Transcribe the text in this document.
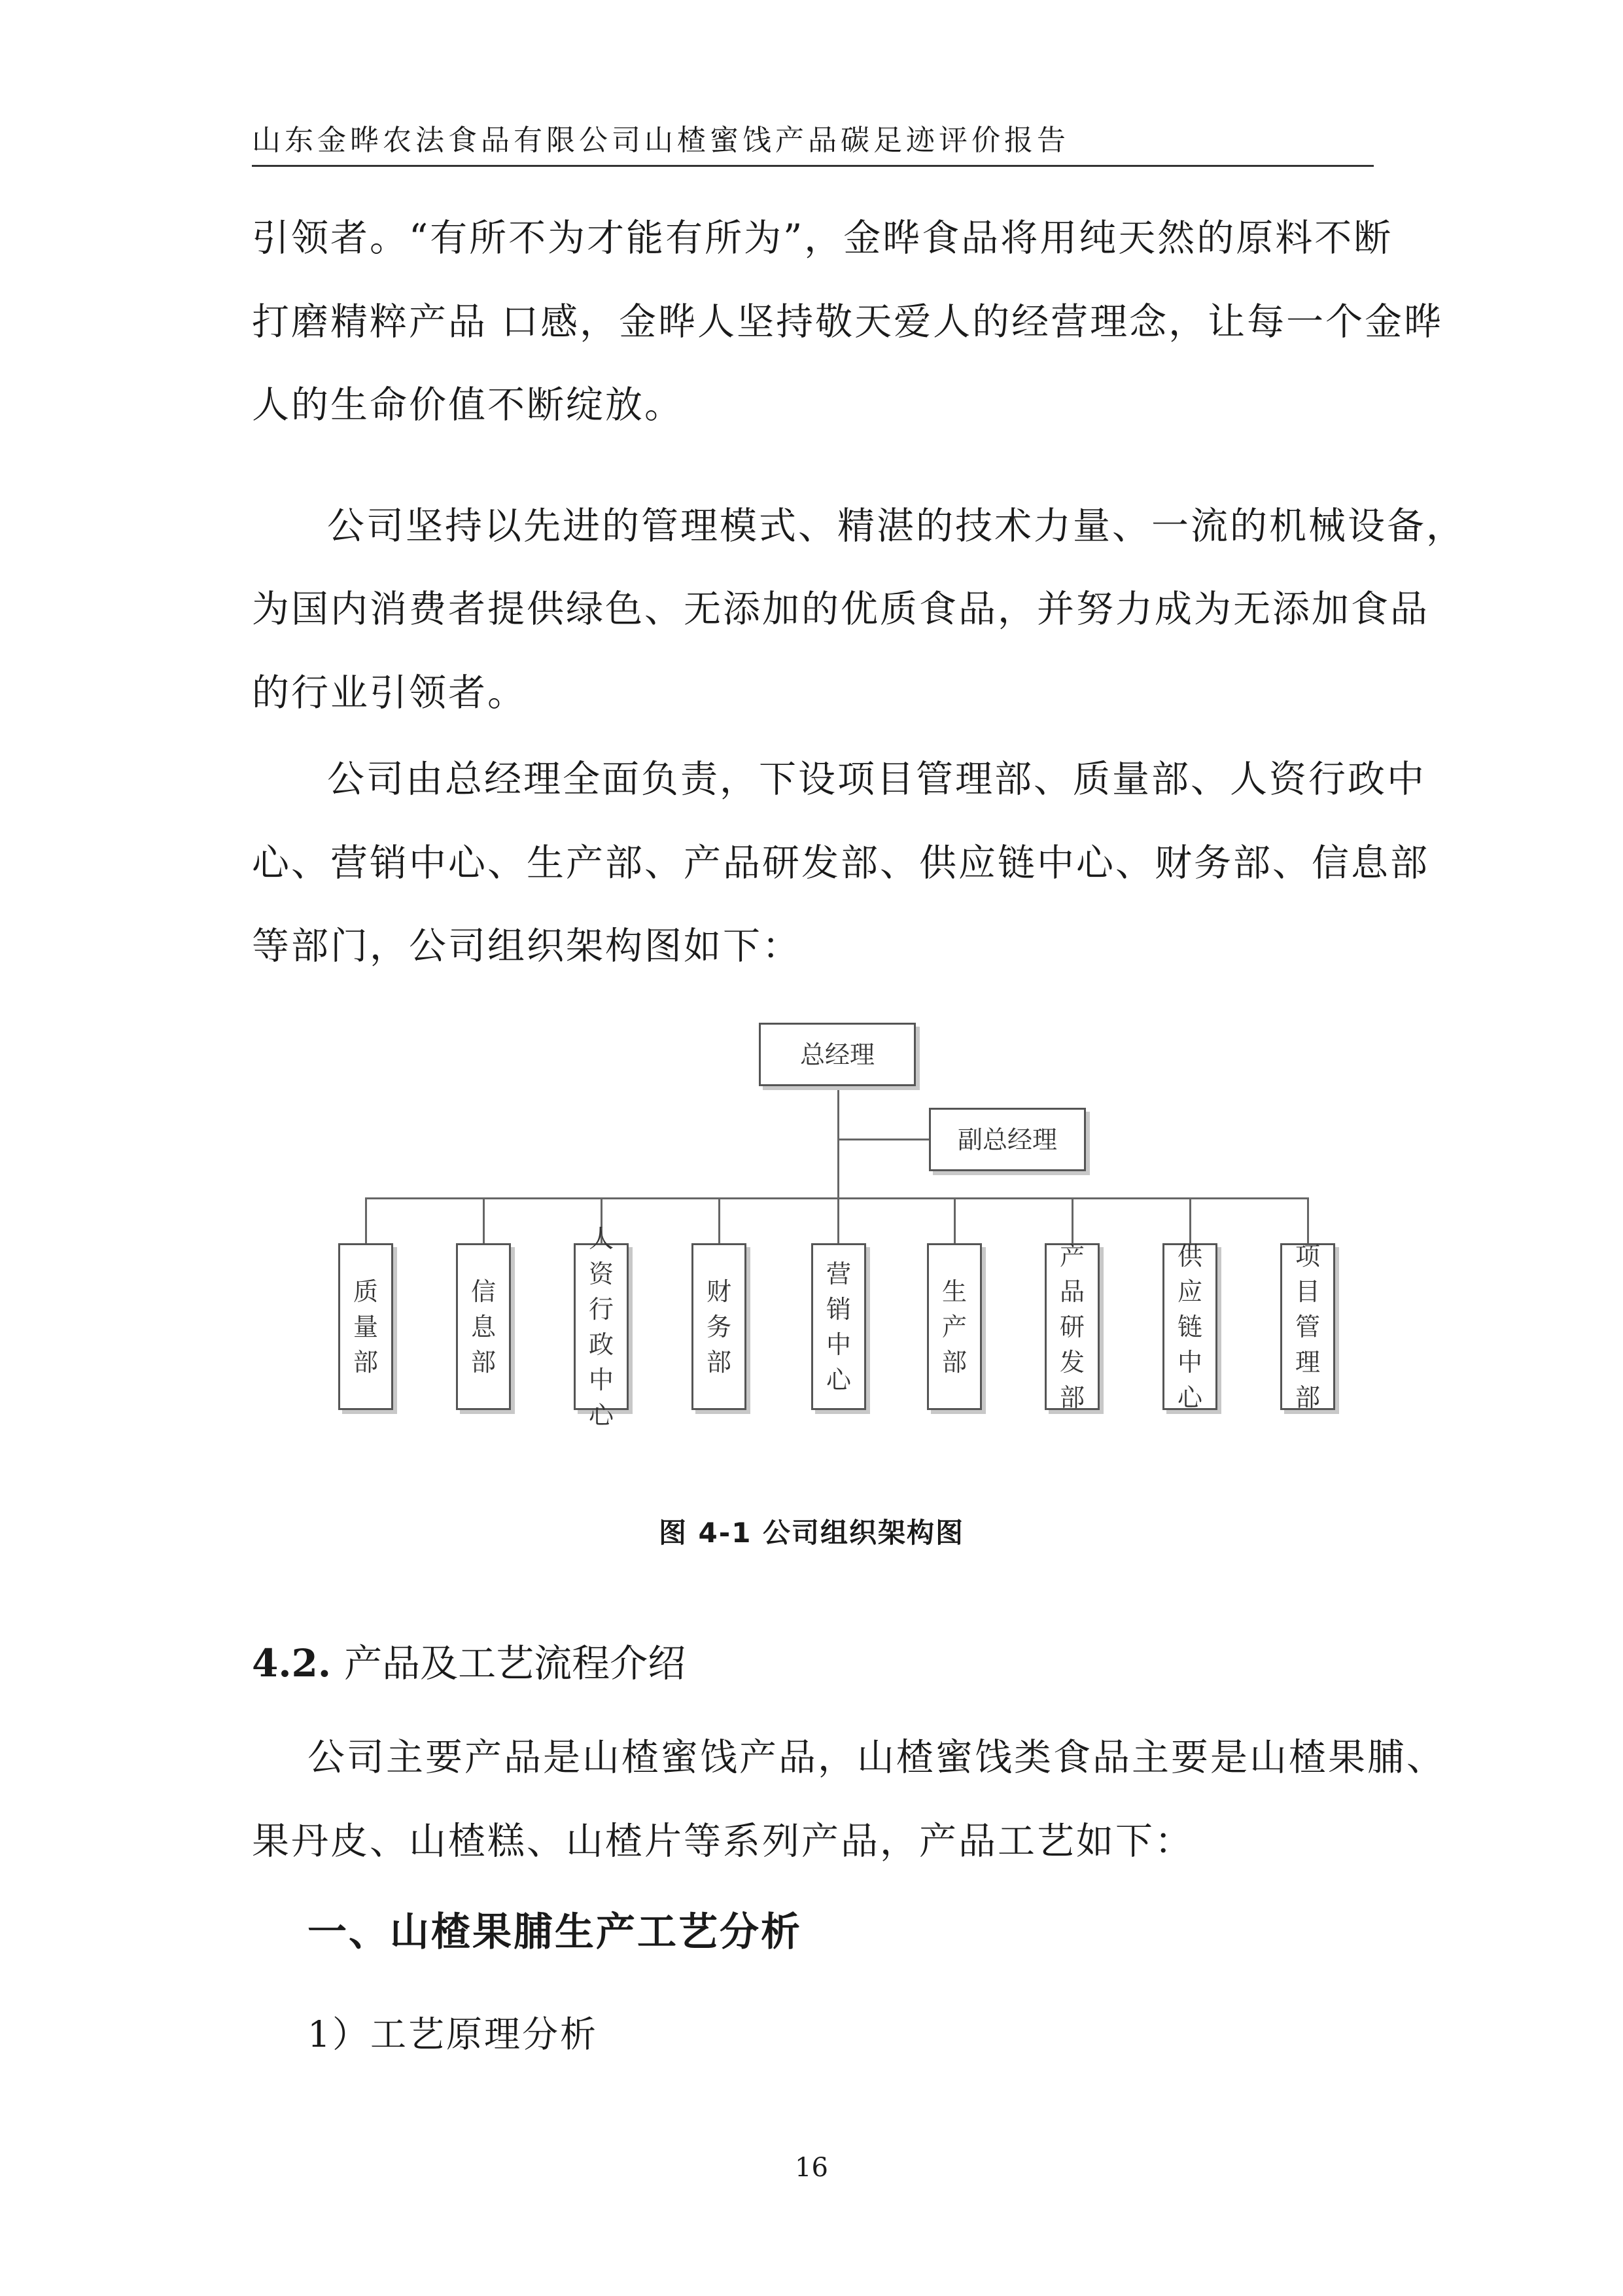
山东金晔农法食品有限公司山楂蜜饯产品碳足迹评价报告
引领者。“有所不为才能有所为”，金晔食品将用纯天然的原料不断
打磨精粹产品 口感，金晔人坚持敬天爱人的经营理念，让每一个金晔
人的生命价值不断绽放。
公司坚持以先进的管理模式、精湛的技术力量、一流的机械设备，
为国内消费者提供绿色、无添加的优质食品，并努力成为无添加食品
的行业引领者。
公司由总经理全面负责，下设项目管理部、质量部、人资行政中
心、营销中心、生产部、产品研发部、供应链中心、财务部、信息部
等部门，公司组织架构图如下：
总经理
副总经理
质
量
部
信
息
部
人资
行政
中心
财
务
部
营
销
中
心
生
产
部
产品
研发
部
供应
链中
心
项目
管理
部
图 4-1 公司组织架构图
4.2. 产品及工艺流程介绍
公司主要产品是山楂蜜饯产品，山楂蜜饯类食品主要是山楂果脯、
果丹皮、山楂糕、山楂片等系列产品，产品工艺如下：
一、山楂果脯生产工艺分析
1）工艺原理分析
16
